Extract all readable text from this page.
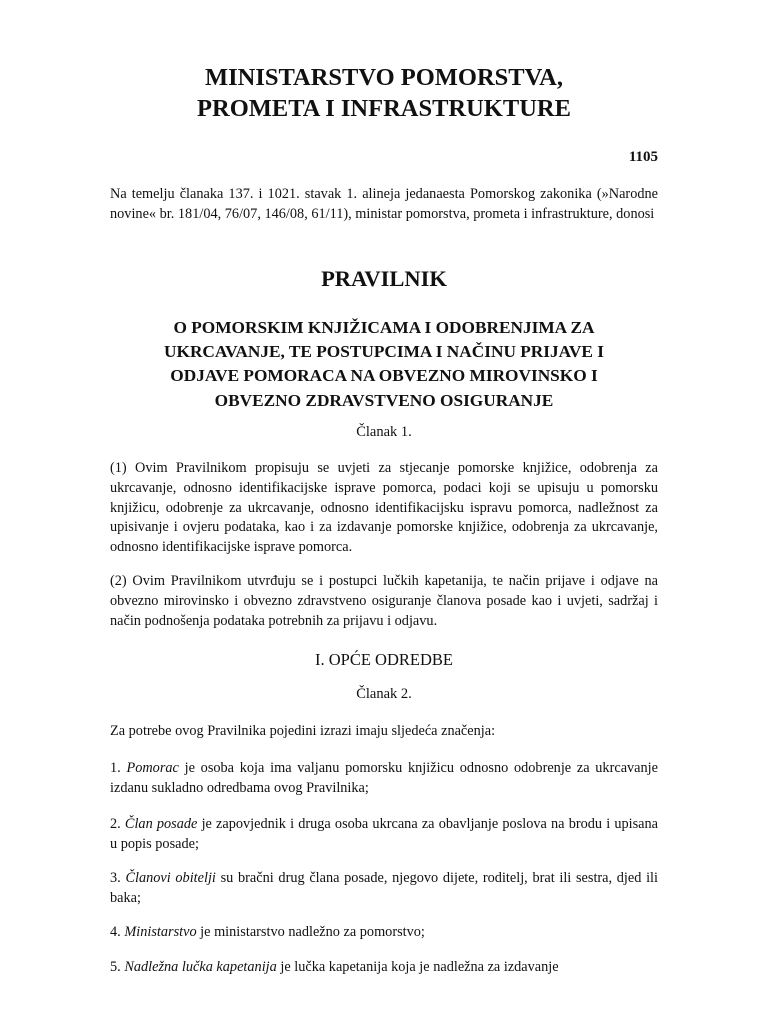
MINISTARSTVO POMORSTVA,
PROMETA I INFRASTRUKTURE
1105

Na temelju članaka 137. i 1021. stavak 1. alineja jedanaesta Pomorskog zakonika (»Narodne novine« br. 181/04, 76/07, 146/08, 61/11), ministar pomorstva, prometa i infrastrukture, donosi

PRAVILNIK
O POMORSKIM KNJIŽICAMA I ODOBRENJIMA ZA
UKRCAVANJE, TE POSTUPCIMA I NAČINU PRIJAVE I
ODJAVE POMORACA NA OBVEZNO MIROVINSKO I
OBVEZNO ZDRAVSTVENO OSIGURANJE
Članak 1.

(1) Ovim Pravilnikom propisuju se uvjeti za stjecanje pomorske knjižice, odobrenja za ukrcavanje, odnosno identifikacijske isprave pomorca, podaci koji se upisuju u pomorsku knjižicu, odobrenje za ukrcavanje, odnosno identifikacijsku ispravu pomorca, nadležnost za upisivanje i ovjeru podataka, kao i za izdavanje pomorske knjižice, odobrenja za ukrcavanje, odnosno identifikacijske isprave pomorca.

(2) Ovim Pravilnikom utvrđuju se i postupci lučkih kapetanija, te način prijave i odjave na obvezno mirovinsko i obvezno zdravstveno osiguranje članova posade kao i uvjeti, sadržaj i način podnošenja podataka potrebnih za prijavu i odjavu.

I. OPĆE ODREDBE
Članak 2.

Za potrebe ovog Pravilnika pojedini izrazi imaju sljedeća značenja:

1. Pomorac je osoba koja ima valjanu pomorsku knjižicu odnosno odobrenje za ukrcavanje izdanu sukladno odredbama ovog Pravilnika;

2. Član posade je zapovjednik i druga osoba ukrcana za obavljanje poslova na brodu i upisana u popis posade;

3. Članovi obitelji su bračni drug člana posade, njegovo dijete, roditelj, brat ili sestra, djed ili baka;

4. Ministarstvo je ministarstvo nadležno za pomorstvo;

5. Nadležna lučka kapetanija je lučka kapetanija koja je nadležna za izdavanje
